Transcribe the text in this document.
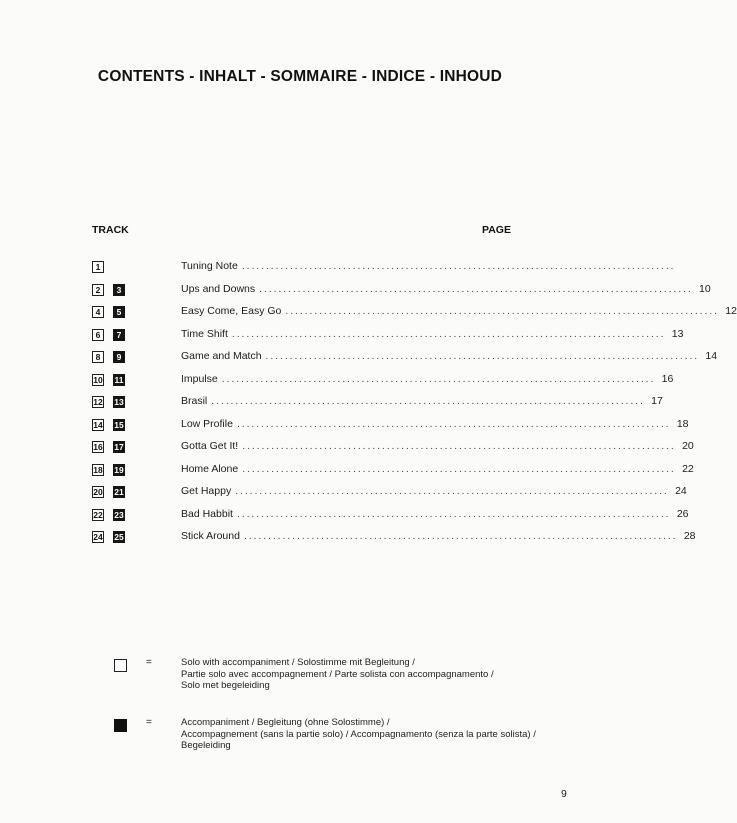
CONTENTS - INHALT - SOMMAIRE - INDICE - INHOUD
TRACK	PAGE
1	Tuning Note ..........................................................................................
2	3	Ups and Downs .......................................................................................... 10
4	5	Easy Come, Easy Go .......................................................................................... 12
6	7	Time Shift .......................................................................................... 13
8	9	Game and Match .......................................................................................... 14
10 11	Impulse .......................................................................................... 16
12 13	Brasil .......................................................................................... 17
14 15	Low Profile .......................................................................................... 18
16 17	Gotta Get It! .......................................................................................... 20
18 19	Home Alone .......................................................................................... 22
20 21	Get Happy .......................................................................................... 24
22 23	Bad Habbit .......................................................................................... 26
24 25	Stick Around .......................................................................................... 28
=	Solo with accompaniment / Solostimme mit Begleitung /
Partie solo avec accompagnement / Parte solista con accompagnamento /
Solo met begeleiding
=	Accompaniment / Begleitung (ohne Solostimme) /
Accompagnement (sans la partie solo) / Accompagnamento (senza la parte solista) /
Begeleiding
9
